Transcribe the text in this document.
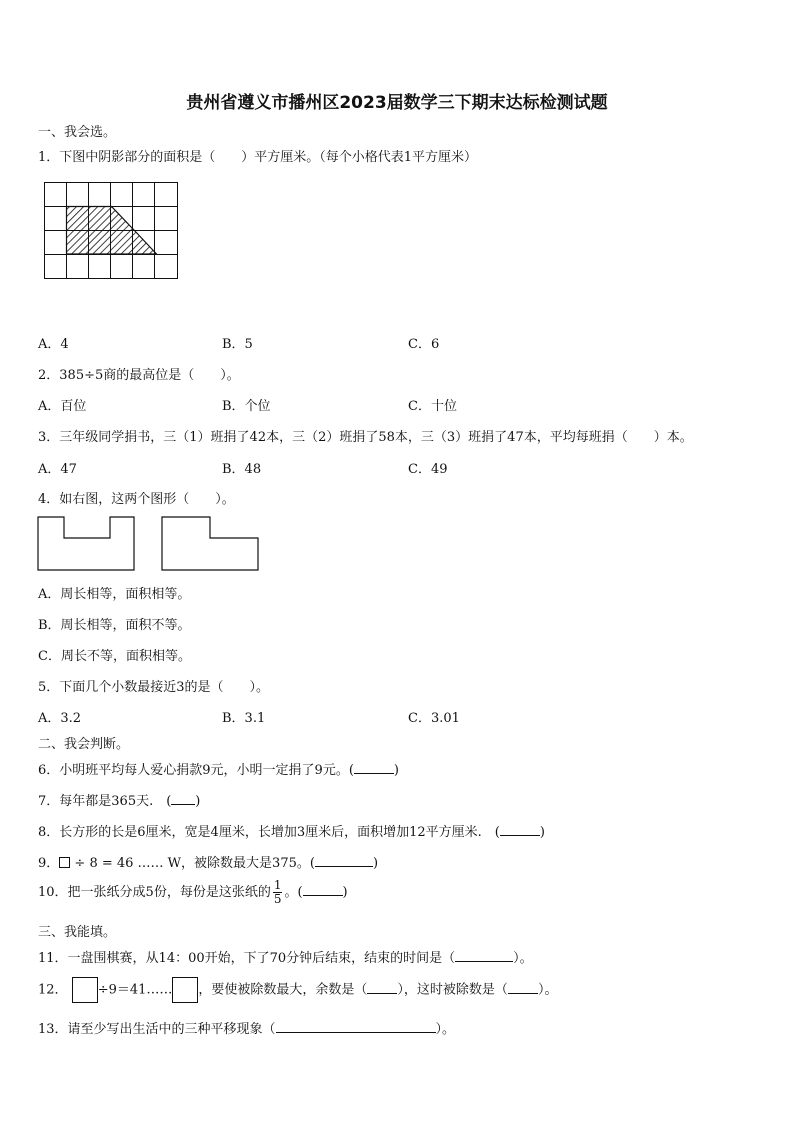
贵州省遵义市播州区2023届数学三下期末达标检测试题
一、我会选。
1．下图中阴影部分的面积是（　　）平方厘米。（每个小格代表1平方厘米）
A．4	B．5	C．6
2．385÷5商的最高位是（　　）。
A．百位	B．个位	C．十位
3．三年级同学捐书，三（1）班捐了42本，三（2）班捐了58本，三（3）班捐了47本，平均每班捐（　　）本。
A．47	B．48	C．49
4．如右图，这两个图形（　　）。
A．周长相等，面积相等。
B．周长相等，面积不等。
C．周长不等，面积相等。
5．下面几个小数最接近3的是（　　）。
A．3.2	B．3.1	C．3.01
二、我会判断。
6．小明班平均每人爱心捐款9元，小明一定捐了9元。(	)
7．每年都是365天.　( )
8．长方形的长是6厘米，宽是4厘米，长增加3厘米后，面积增加12平方厘米.　(	)
9． ÷ 8 = 46 …… W，被除数最大是375。(	)
10．把一张纸分成5份，每份是这张纸的 $\frac{1}{5}$ 。(	)
三、我能填。
11．一盘围棋赛，从14：00开始，下了70分钟后结束，结束的时间是（	）。
12． ÷9＝41…… ，要使被除数最大，余数是（ ），这时被除数是（ ）。
13．请至少写出生活中的三种平移现象（	）。
